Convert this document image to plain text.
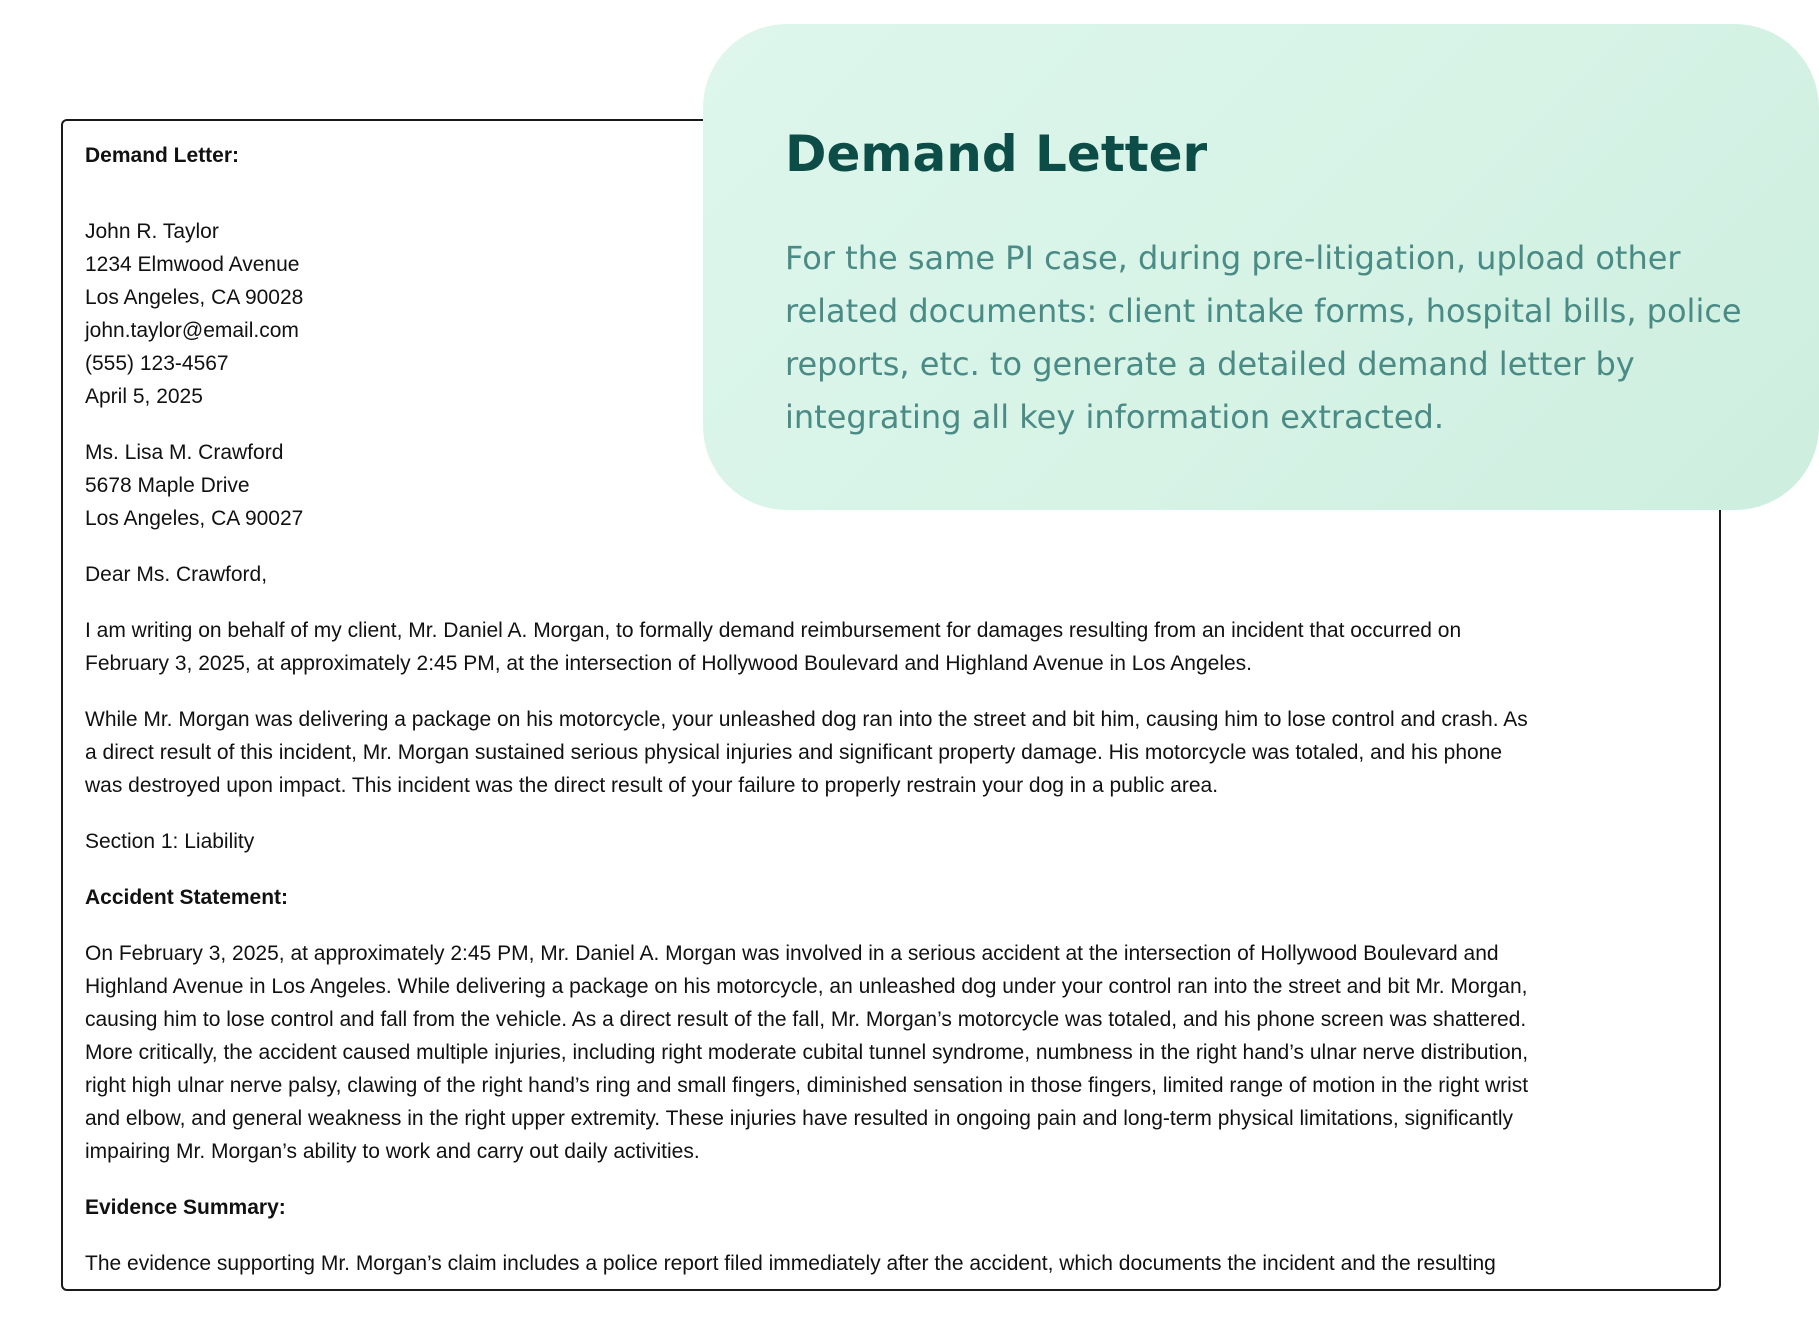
Demand Letter:

John R. Taylor
1234 Elmwood Avenue
Los Angeles, CA 90028
john.taylor@email.com
(555) 123-4567
April 5, 2025
Ms. Lisa M. Crawford
5678 Maple Drive
Los Angeles, CA 90027

Dear Ms. Crawford,

I am writing on behalf of my client, Mr. Daniel A. Morgan, to formally demand reimbursement for damages resulting from an incident that occurred on
February 3, 2025, at approximately 2:45 PM, at the intersection of Hollywood Boulevard and Highland Avenue in Los Angeles.
While Mr. Morgan was delivering a package on his motorcycle, your unleashed dog ran into the street and bit him, causing him to lose control and crash. As
a direct result of this incident, Mr. Morgan sustained serious physical injuries and significant property damage. His motorcycle was totaled, and his phone
was destroyed upon impact. This incident was the direct result of your failure to properly restrain your dog in a public area.

Section 1: Liability

Accident Statement:

On February 3, 2025, at approximately 2:45 PM, Mr. Daniel A. Morgan was involved in a serious accident at the intersection of Hollywood Boulevard and
Highland Avenue in Los Angeles. While delivering a package on his motorcycle, an unleashed dog under your control ran into the street and bit Mr. Morgan,
causing him to lose control and fall from the vehicle. As a direct result of the fall, Mr. Morgan’s motorcycle was totaled, and his phone screen was shattered.
More critically, the accident caused multiple injuries, including right moderate cubital tunnel syndrome, numbness in the right hand’s ulnar nerve distribution,
right high ulnar nerve palsy, clawing of the right hand’s ring and small fingers, diminished sensation in those fingers, limited range of motion in the right wrist
and elbow, and general weakness in the right upper extremity. These injuries have resulted in ongoing pain and long-term physical limitations, significantly
impairing Mr. Morgan’s ability to work and carry out daily activities.

Evidence Summary:

The evidence supporting Mr. Morgan’s claim includes a police report filed immediately after the accident, which documents the incident and the resulting
Demand Letter

For the same PI case, during pre-litigation, upload other related documents: client intake forms, hospital bills, police reports, etc. to generate a detailed demand letter by integrating all key information extracted.
